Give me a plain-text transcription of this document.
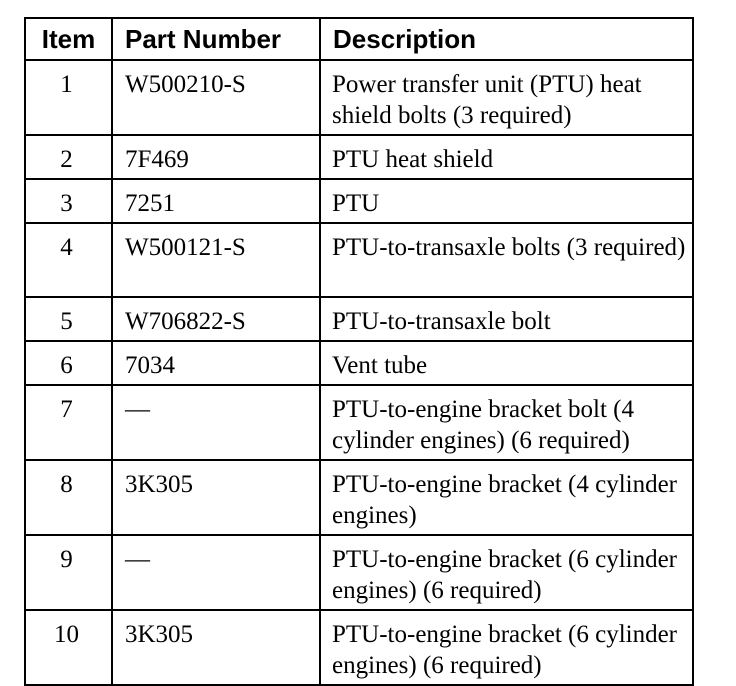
Item	Part Number	Description
1	W500210-S	Power transfer unit (PTU) heat shield bolts (3 required)
2	7F469	PTU heat shield
3	7251	PTU
4	W500121-S	PTU-to-transaxle bolts (3 required)
5	W706822-S	PTU-to-transaxle bolt
6	7034	Vent tube
7	—	PTU-to-engine bracket bolt (4 cylinder engines) (6 required)
8	3K305	PTU-to-engine bracket (4 cylinder engines)
9	—	PTU-to-engine bracket (6 cylinder engines) (6 required)
10	3K305	PTU-to-engine bracket (6 cylinder engines) (6 required)
